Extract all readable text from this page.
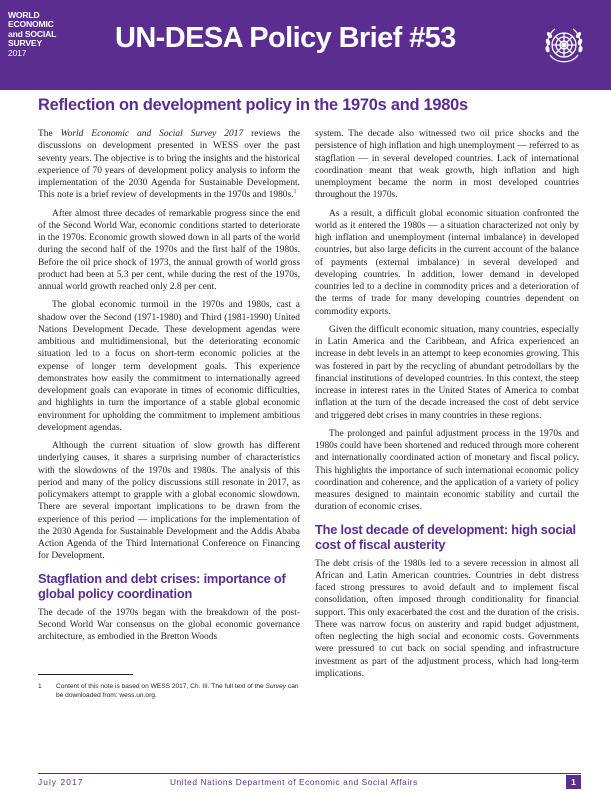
WORLD
ECONOMIC
and SOCIAL
SURVEY
2017	UN-DESA Policy Brief #53
Reflection on development policy in the 1970s and 1980s

The World Economic and Social Survey 2017 reviews the discussions on development presented in WESS over the past seventy years. The objective is to bring the insights and the historical experience of 70 years of development policy analysis to inform the implementation of the 2030 Agenda for Sustainable Development. This note is a brief review of developments in the 1970s and 1980s.$^1$

After almost three decades of remarkable progress since the end of the Second World War, economic conditions started to deteriorate in the 1970s. Economic growth slowed down in all parts of the world during the second half of the 1970s and the first half of the 1980s. Before the oil price shock of 1973, the annual growth of world gross product had been at 5.3 per cent, while during the rest of the 1970s, annual world growth reached only 2.8 per cent.

The global economic turmoil in the 1970s and 1980s, cast a shadow over the Second (1971-1980) and Third (1981-1990) United Nations Development Decade. These development agendas were ambitious and multidimensional, but the deteriorating economic situation led to a focus on short-term economic policies at the expense of longer term development goals. This experience demonstrates how easily the commitment to internationally agreed development goals can evaporate in times of economic difficulties, and highlights in turn the importance of a stable global economic environment for upholding the commitment to implement ambitious development agendas.

Although the current situation of slow growth has different underlying causes, it shares a surprising number of characteristics with the slowdowns of the 1970s and 1980s. The analysis of this period and many of the policy discussions still resonate in 2017, as policymakers attempt to grapple with a global economic slowdown. There are several important implications to be drawn from the experience of this period — implications for the implementation of the 2030 Agenda for Sustainable Development and the Addis Ababa Action Agenda of the Third International Conference on Financing for Development.

Stagflation and debt crises: importance of global policy coordination

The decade of the 1970s began with the breakdown of the post-Second World War consensus on the global economic governance architecture, as embodied in the Bretton Woods

1 Content of this note is based on WESS 2017, Ch. III. The full text of the Survey can be downloaded from: wess.un.org.

system. The decade also witnessed two oil price shocks and the persistence of high inflation and high unemployment — referred to as stagflation — in several developed countries. Lack of international coordination meant that weak growth, high inflation and high unemployment became the norm in most developed countries throughout the 1970s.

As a result, a difficult global economic situation confronted the world as it entered the 1980s — a situation characterized not only by high inflation and unemployment (internal imbalance) in developed countries, but also large deficits in the current account of the balance of payments (external imbalance) in several developed and developing countries. In addition, lower demand in developed countries led to a decline in commodity prices and a deterioration of the terms of trade for many developing countries dependent on commodity exports.

Given the difficult economic situation, many countries, especially in Latin America and the Caribbean, and Africa experienced an increase in debt levels in an attempt to keep economies growing. This was fostered in part by the recycling of abundant petrodollars by the financial institutions of developed countries. In this context, the steep increase in interest rates in the United States of America to combat inflation at the turn of the decade increased the cost of debt service and triggered debt crises in many countries in these regions.

The prolonged and painful adjustment process in the 1970s and 1980s could have been shortened and reduced through more coherent and internationally coordinated action of monetary and fiscal policy. This highlights the importance of such international economic policy coordination and coherence, and the application of a variety of policy measures designed to maintain economic stability and curtail the duration of economic crises.

The lost decade of development: high social cost of fiscal austerity

The debt crisis of the 1980s led to a severe recession in almost all African and Latin American countries. Countries in debt distress faced strong pressures to avoid default and to implement fiscal consolidation, often imposed through conditionality for financial support. This only exacerbated the cost and the duration of the crisis. There was narrow focus on austerity and rapid budget adjustment, often neglecting the high social and economic costs. Governments were pressured to cut back on social spending and infrastructure investment as part of the adjustment process, which had long-term implications.

July 2017	United Nations Department of Economic and Social Affairs	1
